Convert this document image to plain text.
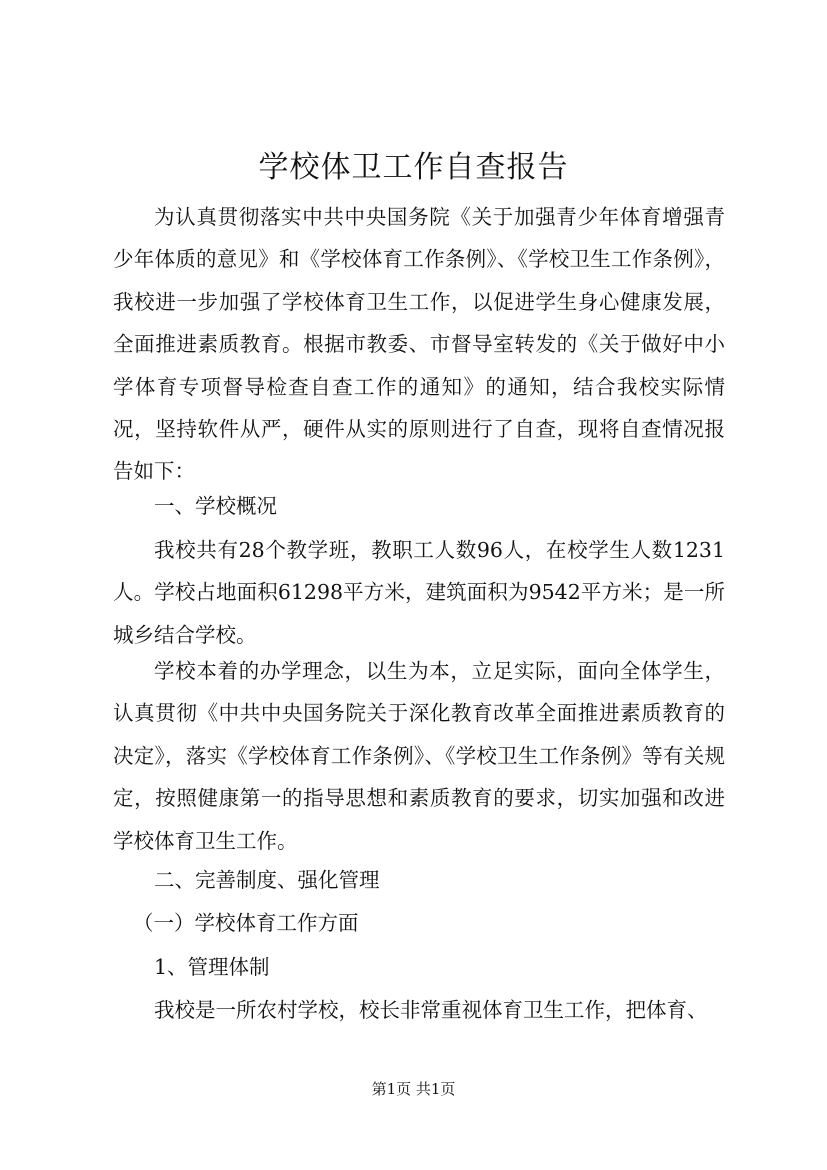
学校体卫工作自查报告

为认真贯彻落实中共中央国务院《关于加强青少年体育增强青少年体质的意见》和《学校体育工作条例》、《学校卫生工作条例》，我校进一步加强了学校体育卫生工作，以促进学生身心健康发展，全面推进素质教育。根据市教委、市督导室转发的《关于做好中小学体育专项督导检查自查工作的通知》的通知，结合我校实际情况，坚持软件从严，硬件从实的原则进行了自查，现将自查情况报告如下：

一、学校概况

我校共有28个教学班，教职工人数96人，在校学生人数1231人。学校占地面积61298平方米，建筑面积为9542平方米；是一所城乡结合学校。

学校本着的办学理念，以生为本，立足实际，面向全体学生，认真贯彻《中共中央国务院关于深化教育改革全面推进素质教育的决定》，落实《学校体育工作条例》、《学校卫生工作条例》等有关规定，按照健康第一的指导思想和素质教育的要求，切实加强和改进学校体育卫生工作。

二、完善制度、强化管理

（一）学校体育工作方面

1、管理体制

我校是一所农村学校，校长非常重视体育卫生工作，把体育、

第1页 共1页
